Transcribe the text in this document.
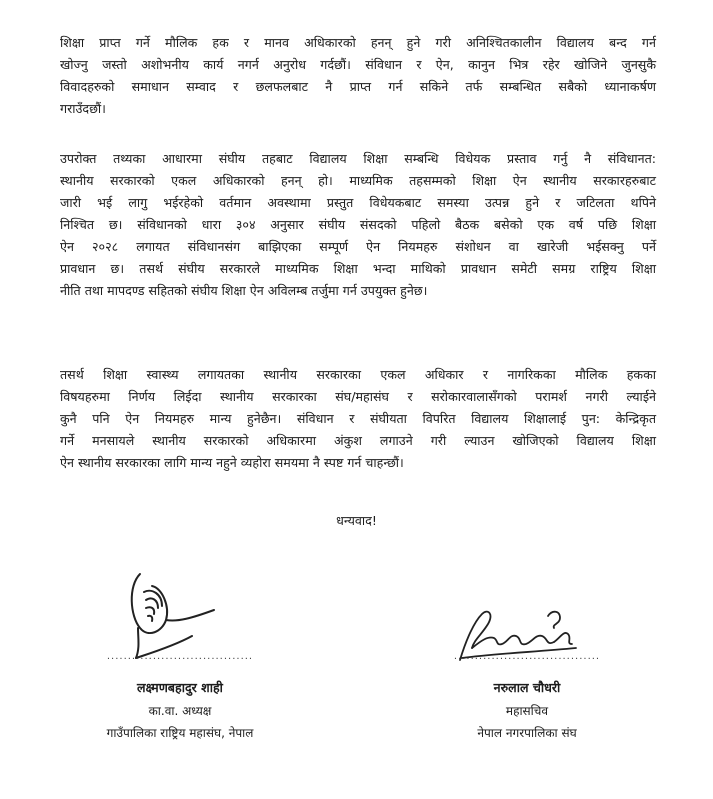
शिक्षा प्राप्त गर्ने मौलिक हक र मानव अधिकारको हनन् हुने गरी अनिश्चितकालीन विद्यालय बन्द गर्न
खोज्नु जस्तो अशोभनीय कार्य नगर्न अनुरोध गर्दछौं। संविधान र ऐन, कानुन भित्र रहेर खोजिने जुनसुकै
विवादहरुको समाधान सम्वाद र छलफलबाट नै प्राप्त गर्न सकिने तर्फ सम्बन्धित सबैको ध्यानाकर्षण
गराउँदछौं।
उपरोक्त तथ्यका आधारमा संघीय तहबाट विद्यालय शिक्षा सम्बन्धि विधेयक प्रस्ताव गर्नु नै संविधानत:
स्थानीय सरकारको एकल अधिकारको हनन् हो। माध्यमिक तहसम्मको शिक्षा ऐन स्थानीय सरकारहरुबाट
जारी भई लागु भईरहेको वर्तमान अवस्थामा प्रस्तुत विधेयकबाट समस्या उत्पन्न हुने र जटिलता थपिने
निश्चित छ। संविधानको धारा ३०४ अनुसार संघीय संसदको पहिलो बैठक बसेको एक वर्ष पछि शिक्षा
ऐन २०२८ लगायत संविधानसंग बाझिएका सम्पूर्ण ऐन नियमहरु संशोधन वा खारेजी भईसक्नु पर्ने
प्रावधान छ। तसर्थ संघीय सरकारले माध्यमिक शिक्षा भन्दा माथिको प्रावधान समेटी समग्र राष्ट्रिय शिक्षा
नीति तथा मापदण्ड सहितको संघीय शिक्षा ऐन अविलम्ब तर्जुमा गर्न उपयुक्त हुनेछ।
तसर्थ शिक्षा स्वास्थ्य लगायतका स्थानीय सरकारका एकल अधिकार र नागरिकका मौलिक हकका
विषयहरुमा निर्णय लिईदा स्थानीय सरकारका संघ/महासंघ र सरोकारवालासँगको परामर्श नगरी ल्याईने
कुनै पनि ऐन नियमहरु मान्य हुनेछैन। संविधान र संघीयता विपरित विद्यालय शिक्षालाई पुन: केन्द्रिकृत
गर्ने मनसायले स्थानीय सरकारको अधिकारमा अंकुश लगाउने गरी ल्याउन खोजिएको विद्यालय शिक्षा
ऐन स्थानीय सरकारका लागि मान्य नहुने व्यहोरा समयमा नै स्पष्ट गर्न चाहन्छौं।
धन्यवाद!
...................................
लक्ष्मणबहादुर शाही
का.वा. अध्यक्ष
गाउँपालिका राष्ट्रिय महासंघ, नेपाल
...................................
नरुलाल चौधरी
महासचिव
नेपाल नगरपालिका संघ
